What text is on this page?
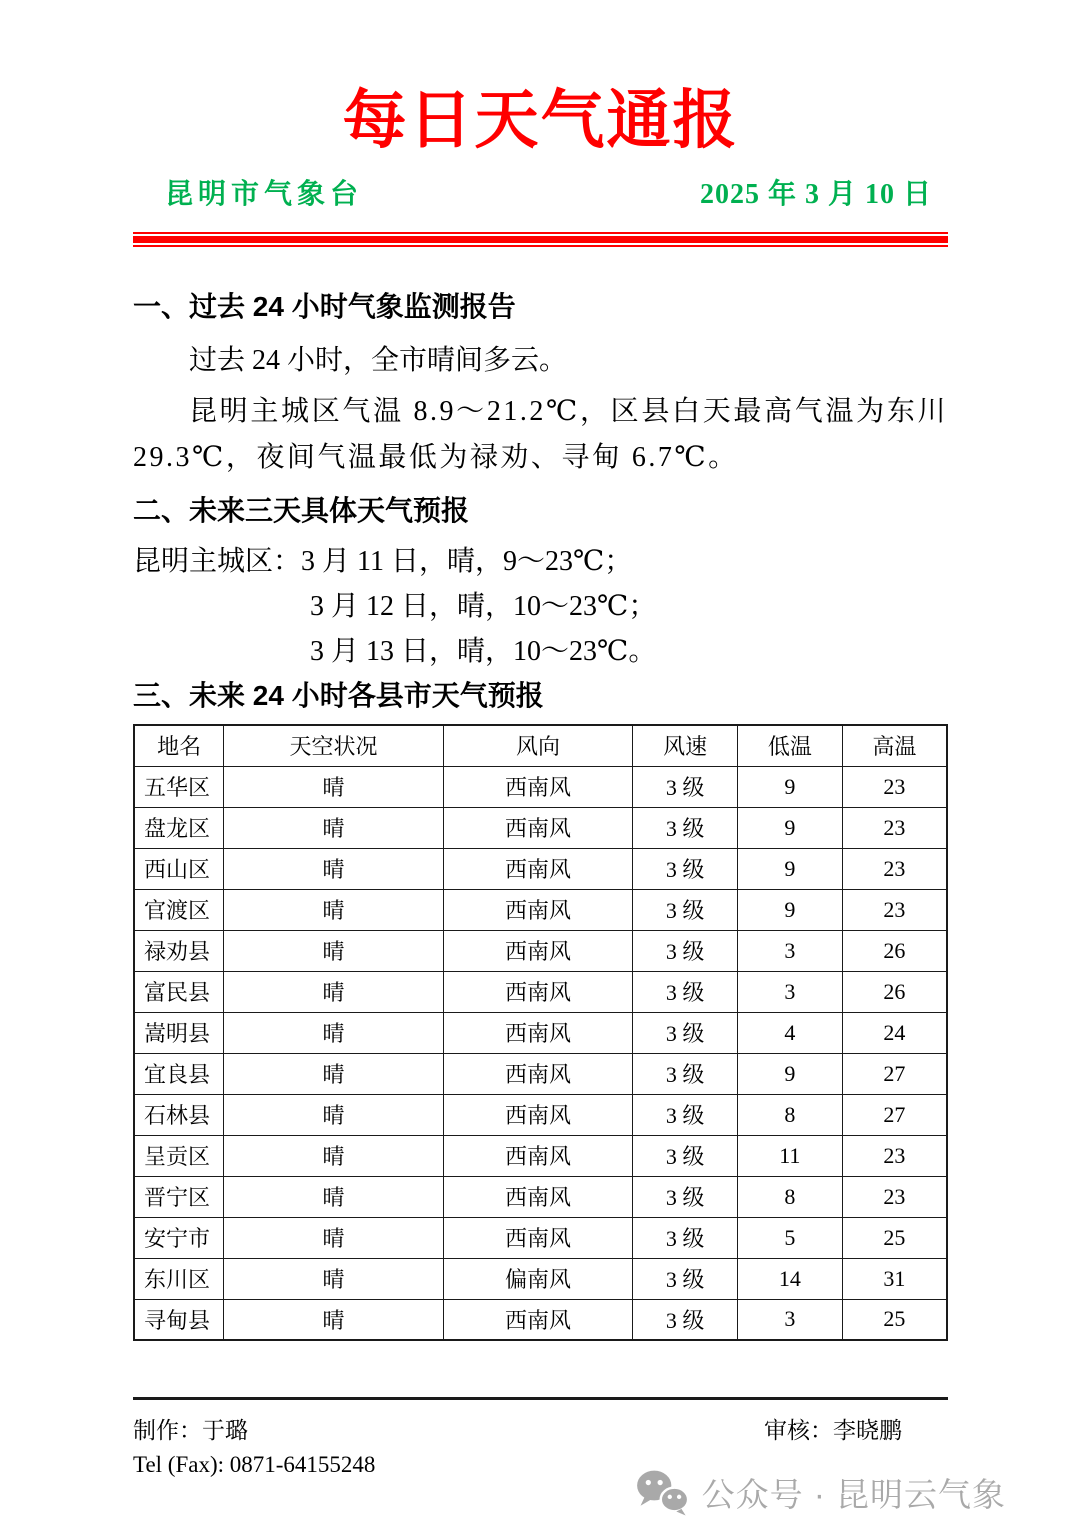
每日天气通报
昆明市气象台	2025 年 3 月 10 日
一、过去 24 小时气象监测报告

过去 24 小时，全市晴间多云。

昆明主城区气温 8.9～21.2℃，区县白天最高气温为东川 29.3℃，夜间气温最低为禄劝、寻甸 6.7℃。

二、未来三天具体天气预报
昆明主城区：3 月 11 日，晴，9～23℃；
3 月 12 日，晴，10～23℃；
3 月 13 日，晴，10～23℃。
三、未来 24 小时各县市天气预报
地名	天空状况	风向	风速	低温	高温
五华区	晴	西南风	3 级	9	23
盘龙区	晴	西南风	3 级	9	23
西山区	晴	西南风	3 级	9	23
官渡区	晴	西南风	3 级	9	23
禄劝县	晴	西南风	3 级	3	26
富民县	晴	西南风	3 级	3	26
嵩明县	晴	西南风	3 级	4	24
宜良县	晴	西南风	3 级	9	27
石林县	晴	西南风	3 级	8	27
呈贡区	晴	西南风	3 级	11	23
晋宁区	晴	西南风	3 级	8	23
安宁市	晴	西南风	3 级	5	25
东川区	晴	偏南风	3 级	14	31
寻甸县	晴	西南风	3 级	3	25
制作：于璐	审核：李晓鹏
Tel (Fax): 0871-64155248
公众号 · 昆明云气象
